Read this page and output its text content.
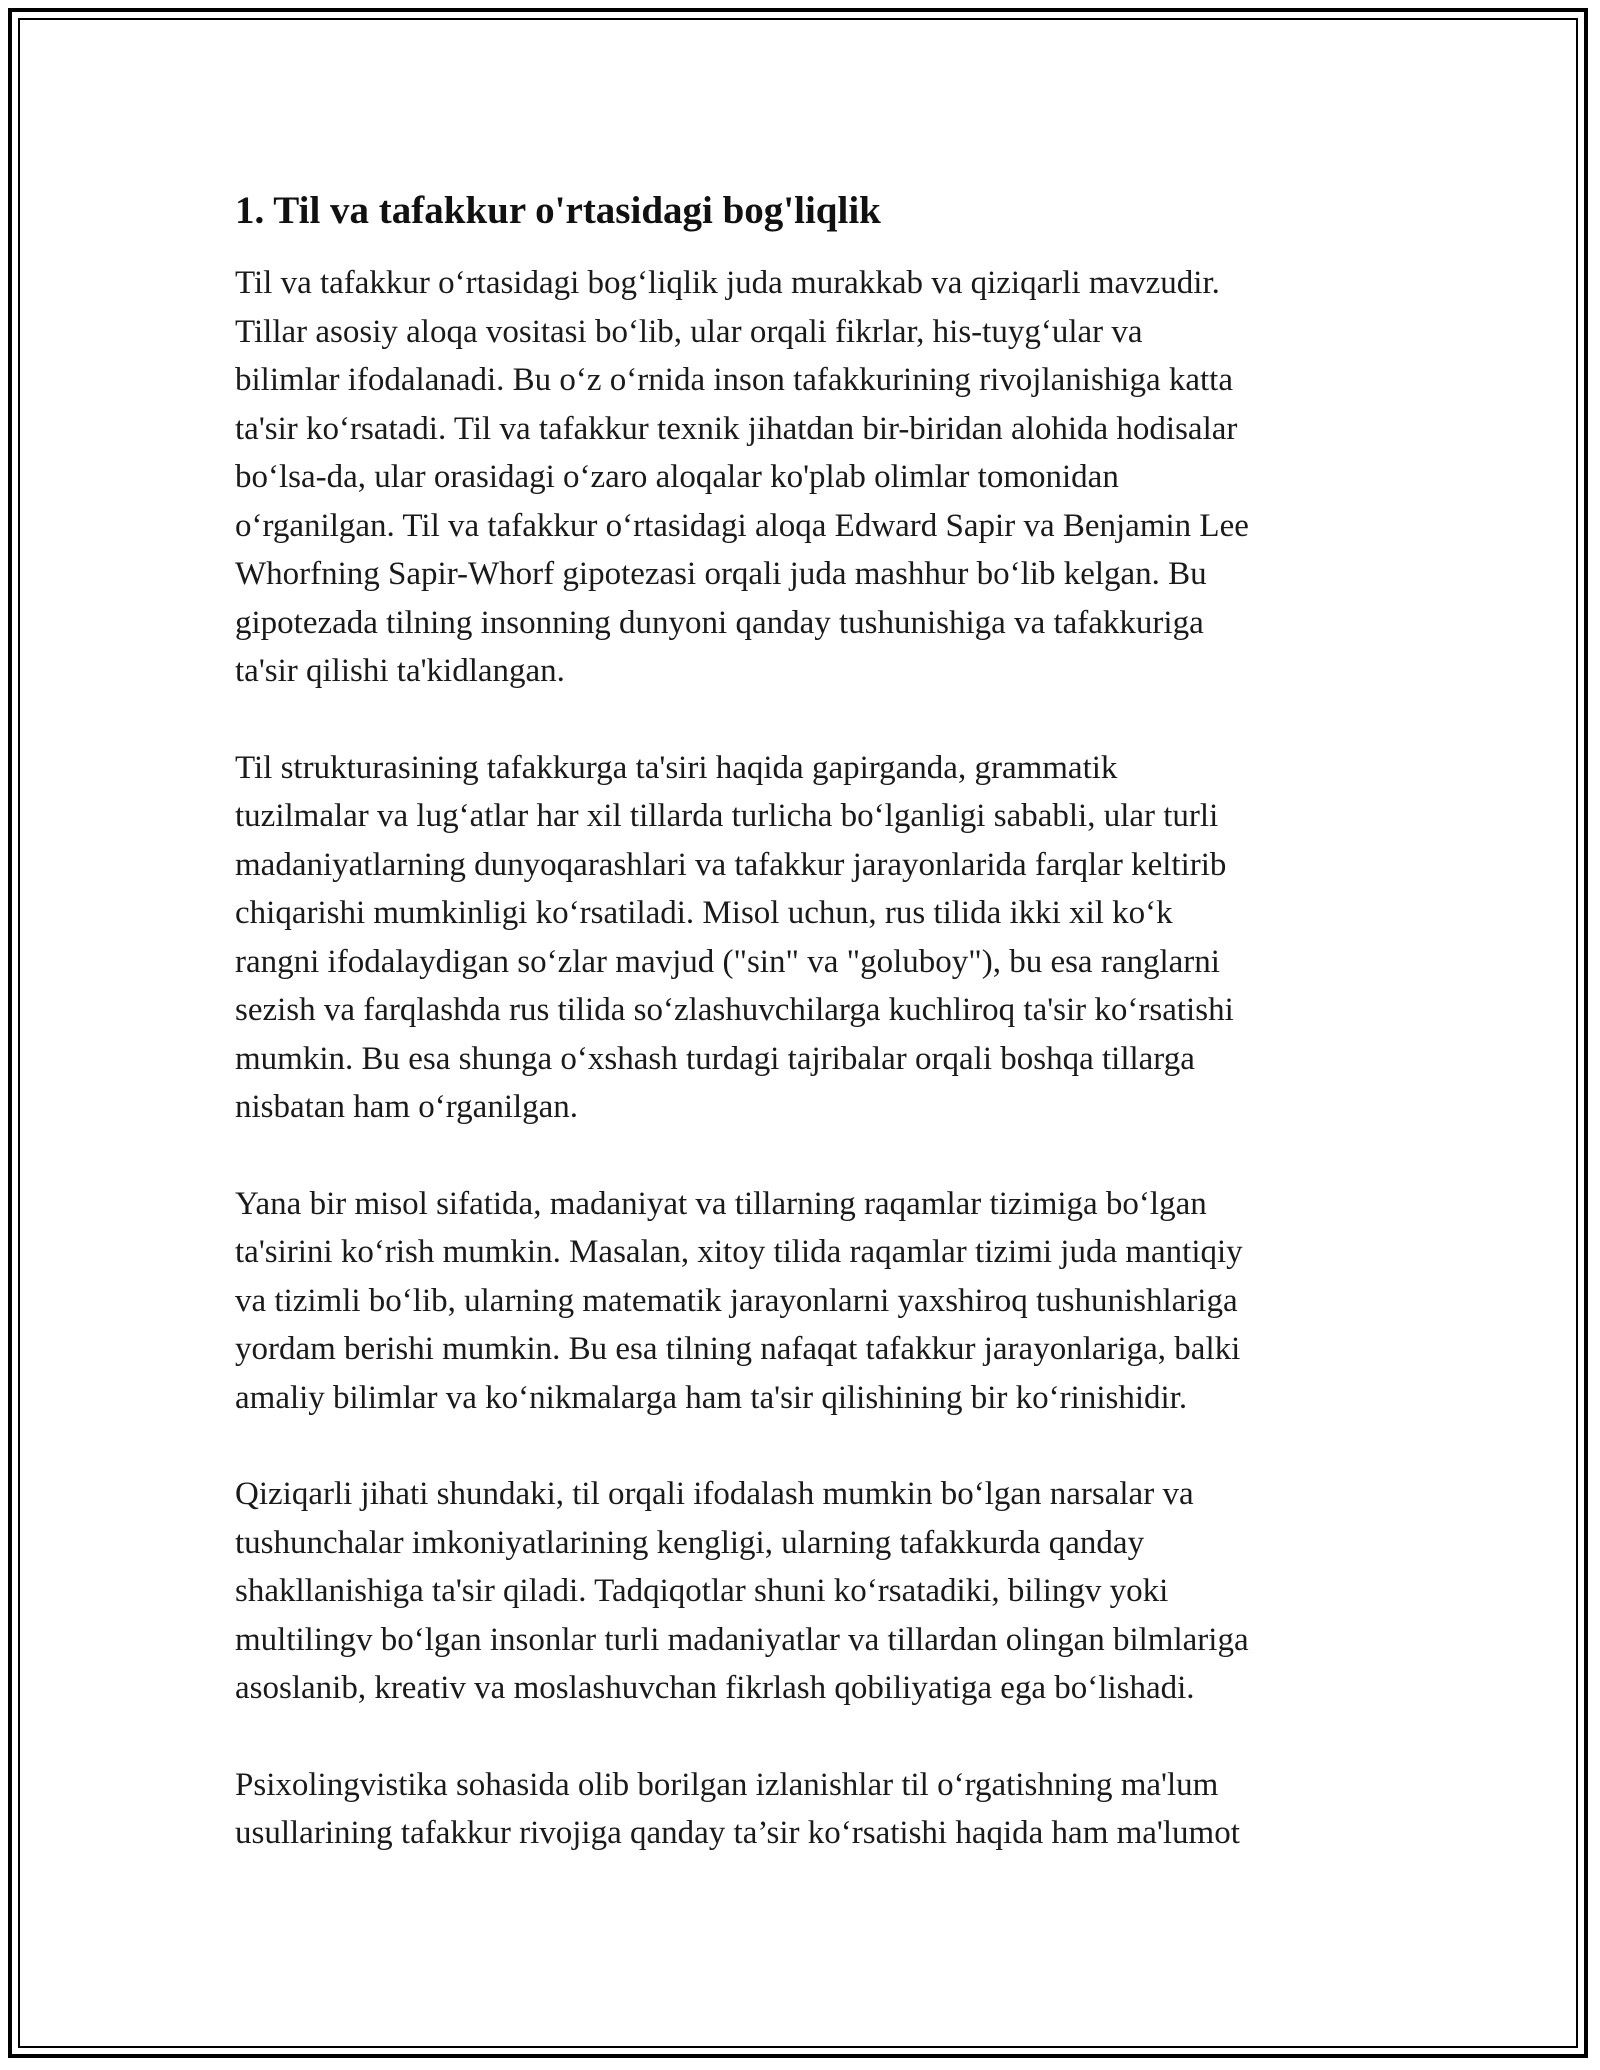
1. Til va tafakkur o'rtasidagi bog'liqlik

Til va tafakkur o‘rtasidagi bog‘liqlik juda murakkab va qiziqarli mavzudir.
Tillar asosiy aloqa vositasi bo‘lib, ular orqali fikrlar, his-tuyg‘ular va
bilimlar ifodalanadi. Bu o‘z o‘rnida inson tafakkurining rivojlanishiga katta
ta'sir ko‘rsatadi. Til va tafakkur texnik jihatdan bir-biridan alohida hodisalar
bo‘lsa-da, ular orasidagi o‘zaro aloqalar ko'plab olimlar tomonidan
o‘rganilgan. Til va tafakkur o‘rtasidagi aloqa Edward Sapir va Benjamin Lee
Whorfning Sapir-Whorf gipotezasi orqali juda mashhur bo‘lib kelgan. Bu
gipotezada tilning insonning dunyoni qanday tushunishiga va tafakkuriga
ta'sir qilishi ta'kidlangan.

Til strukturasining tafakkurga ta'siri haqida gapirganda, grammatik
tuzilmalar va lug‘atlar har xil tillarda turlicha bo‘lganligi sababli, ular turli
madaniyatlarning dunyoqarashlari va tafakkur jarayonlarida farqlar keltirib
chiqarishi mumkinligi ko‘rsatiladi. Misol uchun, rus tilida ikki xil ko‘k
rangni ifodalaydigan so‘zlar mavjud ("sin" va "goluboy"), bu esa ranglarni
sezish va farqlashda rus tilida so‘zlashuvchilarga kuchliroq ta'sir ko‘rsatishi
mumkin. Bu esa shunga o‘xshash turdagi tajribalar orqali boshqa tillarga
nisbatan ham o‘rganilgan.

Yana bir misol sifatida, madaniyat va tillarning raqamlar tizimiga bo‘lgan
ta'sirini ko‘rish mumkin. Masalan, xitoy tilida raqamlar tizimi juda mantiqiy
va tizimli bo‘lib, ularning matematik jarayonlarni yaxshiroq tushunishlariga
yordam berishi mumkin. Bu esa tilning nafaqat tafakkur jarayonlariga, balki
amaliy bilimlar va ko‘nikmalarga ham ta'sir qilishining bir ko‘rinishidir.

Qiziqarli jihati shundaki, til orqali ifodalash mumkin bo‘lgan narsalar va
tushunchalar imkoniyatlarining kengligi, ularning tafakkurda qanday
shakllanishiga ta'sir qiladi. Tadqiqotlar shuni ko‘rsatadiki, bilingv yoki
multilingv bo‘lgan insonlar turli madaniyatlar va tillardan olingan bilmlariga
asoslanib, kreativ va moslashuvchan fikrlash qobiliyatiga ega bo‘lishadi.

Psixolingvistika sohasida olib borilgan izlanishlar til o‘rgatishning ma'lum
usullarining tafakkur rivojiga qanday ta’sir ko‘rsatishi haqida ham ma'lumot
